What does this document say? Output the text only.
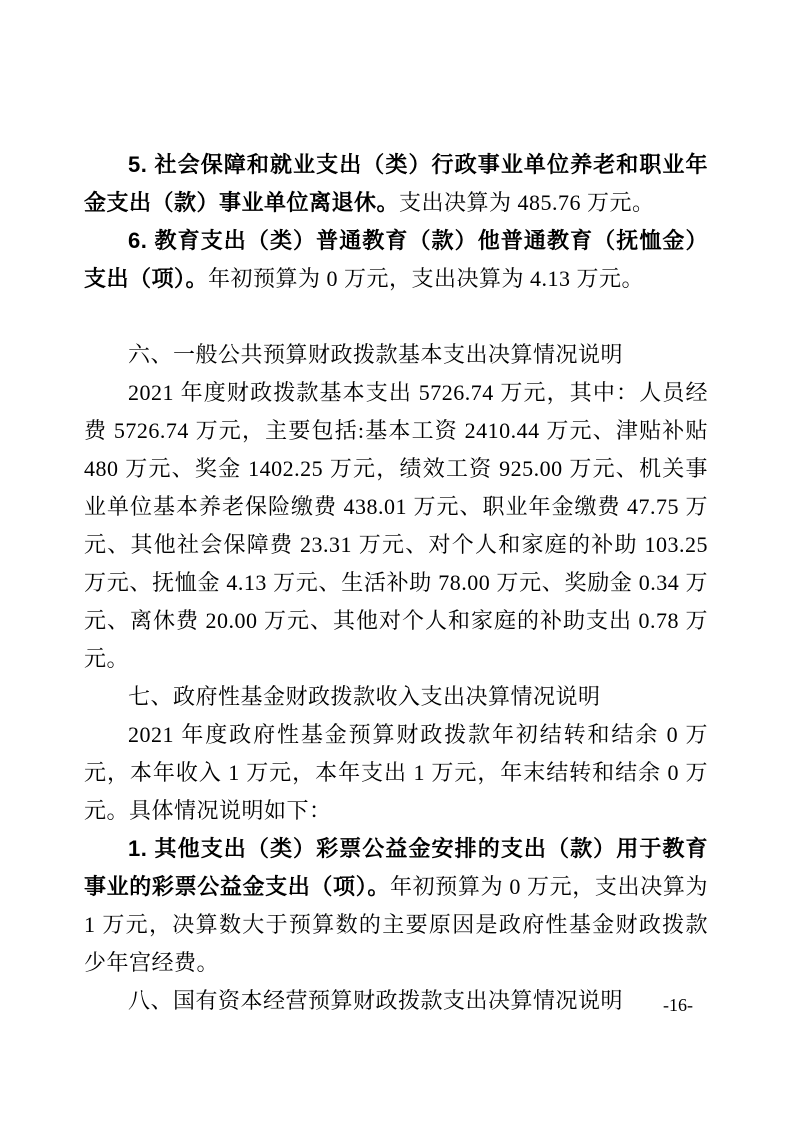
5. 社会保障和就业支出（类）行政事业单位养老和职业年金支出（款）事业单位离退休。支出决算为 485.76 万元。

6. 教育支出（类）普通教育（款）他普通教育（抚恤金）支出（项）。年初预算为 0 万元，支出决算为 4.13 万元。

六、一般公共预算财政拨款基本支出决算情况说明

2021 年度财政拨款基本支出 5726.74 万元，其中：人员经费 5726.74 万元，主要包括:基本工资 2410.44 万元、津贴补贴 480 万元、奖金 1402.25 万元，绩效工资 925.00 万元、机关事业单位基本养老保险缴费 438.01 万元、职业年金缴费 47.75 万元、其他社会保障费 23.31 万元、对个人和家庭的补助 103.25 万元、抚恤金 4.13 万元、生活补助 78.00 万元、奖励金 0.34 万元、离休费 20.00 万元、其他对个人和家庭的补助支出 0.78 万元。

七、政府性基金财政拨款收入支出决算情况说明

2021 年度政府性基金预算财政拨款年初结转和结余 0 万元，本年收入 1 万元，本年支出 1 万元，年末结转和结余 0 万元。具体情况说明如下：

1. 其他支出（类）彩票公益金安排的支出（款）用于教育事业的彩票公益金支出（项）。年初预算为 0 万元，支出决算为 1 万元，决算数大于预算数的主要原因是政府性基金财政拨款少年宫经费。

八、国有资本经营预算财政拨款支出决算情况说明	-16-
